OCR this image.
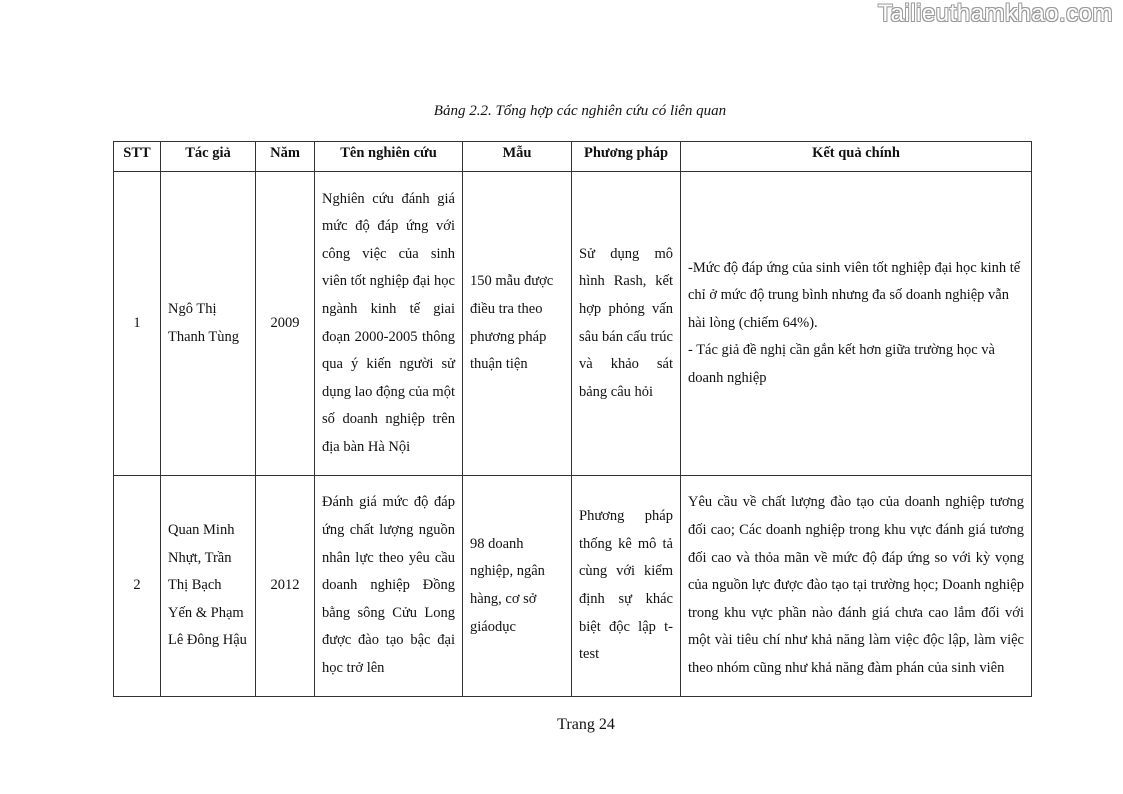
Tailieuthamkhao.com
Bảng 2.2. Tổng hợp các nghiên cứu có liên quan
STT	Tác giả	Năm	Tên nghiên cứu	Mẫu	Phương pháp	Kết quả chính
1	Ngô Thị Thanh Tùng	2009	Nghiên cứu đánh giá mức độ đáp ứng với công việc của sinh viên tốt nghiệp đại học ngành kinh tế giai đoạn 2000-2005 thông qua ý kiến người sử dụng lao động của một số doanh nghiệp trên địa bàn Hà Nội	150 mẫu được điều tra theo phương pháp thuận tiện	Sử dụng mô hình Rash, kết hợp phỏng vấn sâu bán cấu trúc và khảo sát bảng câu hỏi	-Mức độ đáp ứng của sinh viên tốt nghiệp đại học kinh tế chỉ ở mức độ trung bình nhưng đa số doanh nghiệp vẫn hài lòng (chiếm 64%).
- Tác giả đề nghị cần gắn kết hơn giữa trường học và doanh nghiệp

2	Quan Minh Nhựt, Trần Thị Bạch Yến & Phạm Lê Đông Hậu	2012	Đánh giá mức độ đáp ứng chất lượng nguồn nhân lực theo yêu cầu doanh nghiệp Đồng bằng sông Cửu Long được đào tạo bậc đại học trở lên	98 doanh nghiệp, ngân hàng, cơ sở giáodục	Phương pháp thống kê mô tả cùng với kiểm định sự khác biệt độc lập t-test	Yêu cầu về chất lượng đào tạo của doanh nghiệp tương đối cao; Các doanh nghiệp trong khu vực đánh giá tương đối cao và thỏa mãn về mức độ đáp ứng so với kỳ vọng của nguồn lực được đào tạo tại trường học; Doanh nghiệp trong khu vực phần nào đánh giá chưa cao lắm đối với một vài tiêu chí như khả năng làm việc độc lập, làm việc theo nhóm cũng như khả năng đàm phán của sinh viên
Trang 24
